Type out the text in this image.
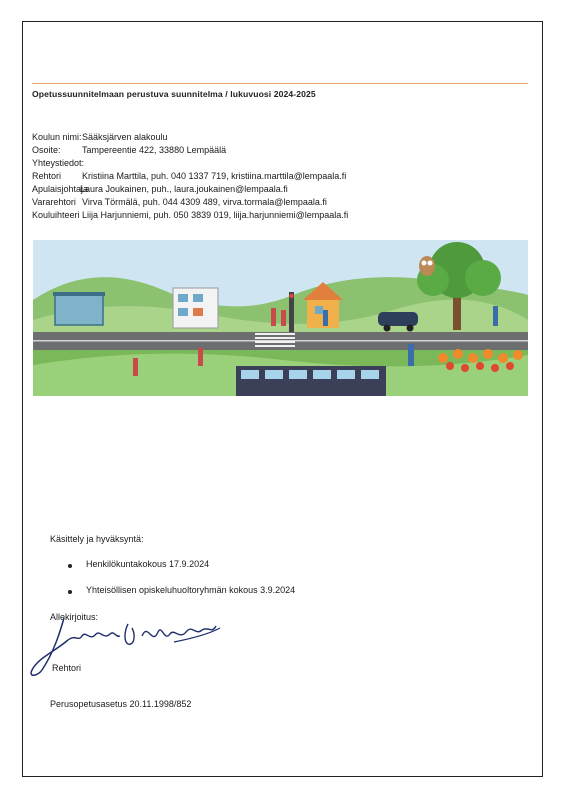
Opetussuunnitelmaan perustuva suunnitelma / lukuvuosi 2024-2025
Koulun nimi: Sääksjärven alakoulu
Osoite: Tampereentie 422, 33880 Lempäälä
Yhteystiedot:
Rehtori Kristiina Marttila, puh. 040 1337 719, kristiina.marttila@lempaala.fi
Apulaisjohtaja
Laura Joukainen, puh., laura.joukainen@lempaala.fi
Vararehtori Virva Törmälä, puh. 044 4309 489, virva.tormala@lempaala.fi
Kouluihteeri Liija Harjunniemi, puh. 050 3839 019, liija.harjunniemi@lempaala.fi
Käsittely ja hyväksyntä:
Henkilökuntakokous 17.9.2024
Yhteisöllisen opiskeluhuoltoryhmän kokous 3.9.2024
Allekirjoitus:
Rehtori
Perusopetusasetus 20.11.1998/852
